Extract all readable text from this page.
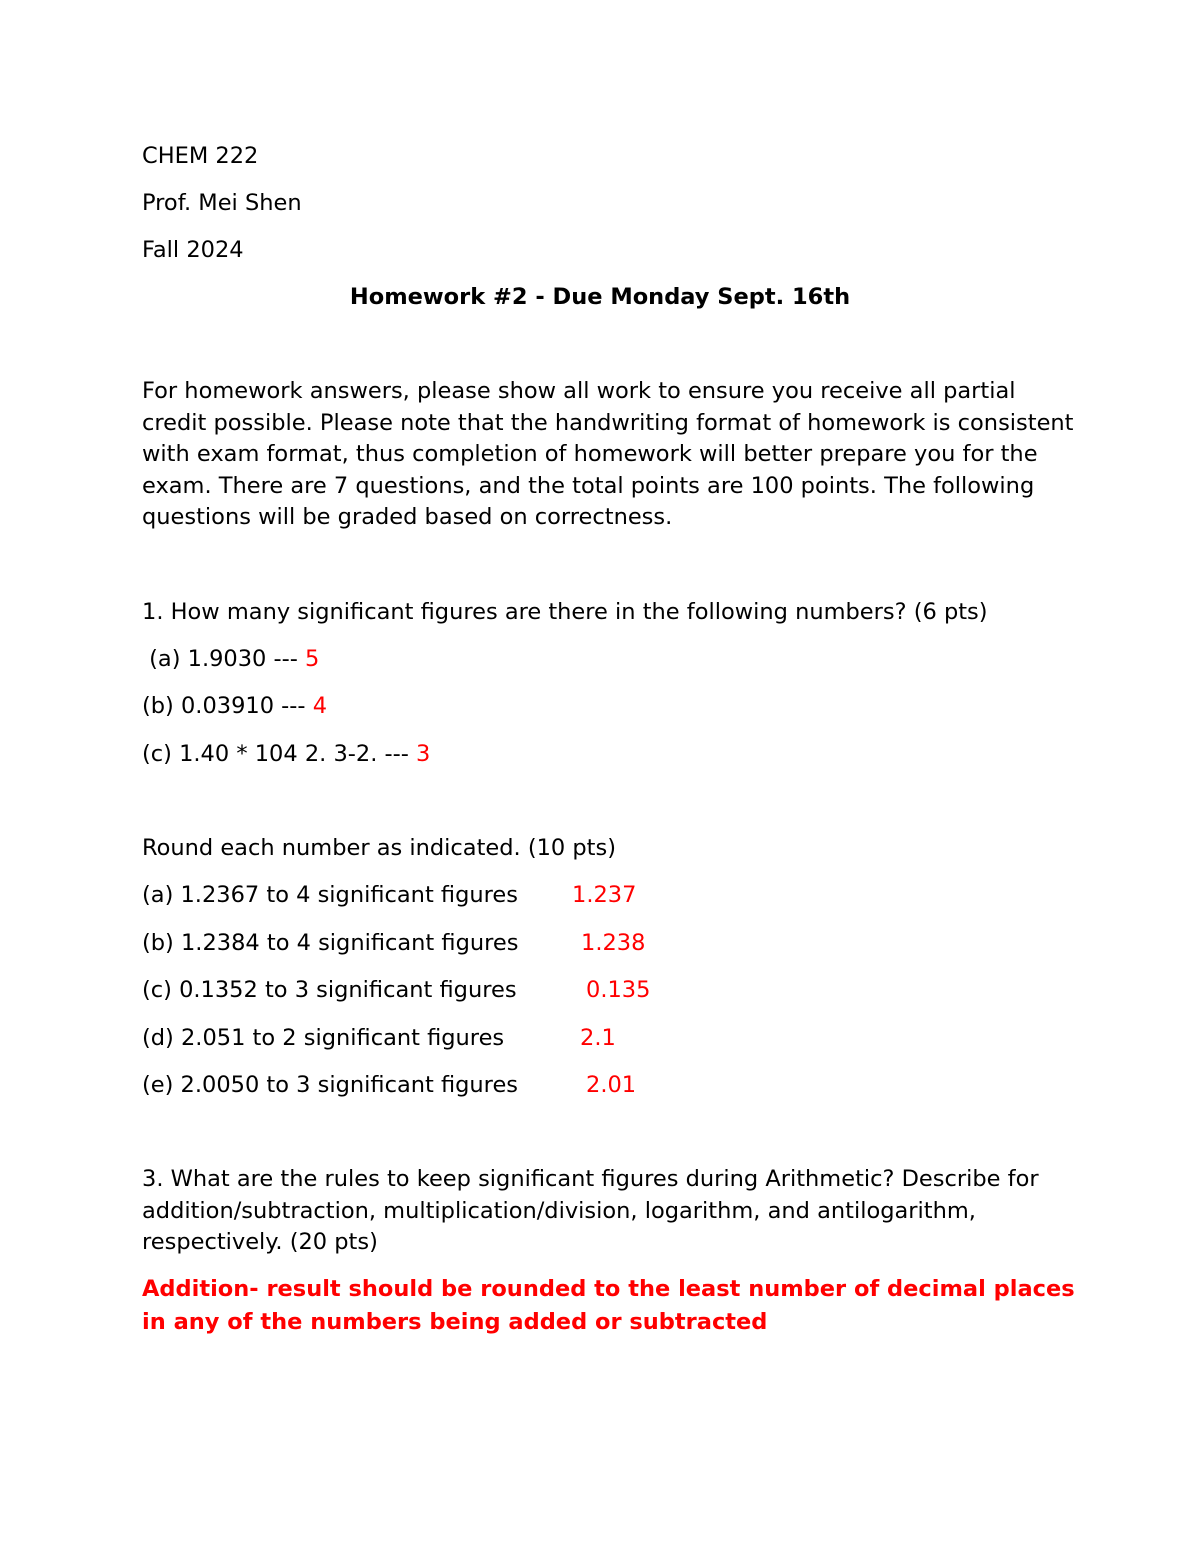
CHEM 222
Prof. Mei Shen
Fall 2024
Homework #2 - Due Monday Sept. 16th
For homework answers, please show all work to ensure you receive all partial credit possible. Please note that the handwriting format of homework is consistent with exam format, thus completion of homework will better prepare you for the exam. There are 7 questions, and the total points are 100 points. The following questions will be graded based on correctness.
1. How many significant figures are there in the following numbers? (6 pts)
(a) 1.9030 --- 5
(b) 0.03910 --- 4
(c) 1.40 * 104 2. 3-2. --- 3
Round each number as indicated. (10 pts)
(a) 1.2367 to 4 significant figures 1.237
(b) 1.2384 to 4 significant figures	1.238
(c) 0.1352 to 3 significant figures	0.135
(d) 2.051 to 2 significant figures	2.1
(e) 2.0050 to 3 significant figures	2.01
3. What are the rules to keep significant figures during Arithmetic? Describe for addition/subtraction, multiplication/division, logarithm, and antilogarithm, respectively. (20 pts)
Addition- result should be rounded to the least number of decimal places in any of the numbers being added or subtracted
